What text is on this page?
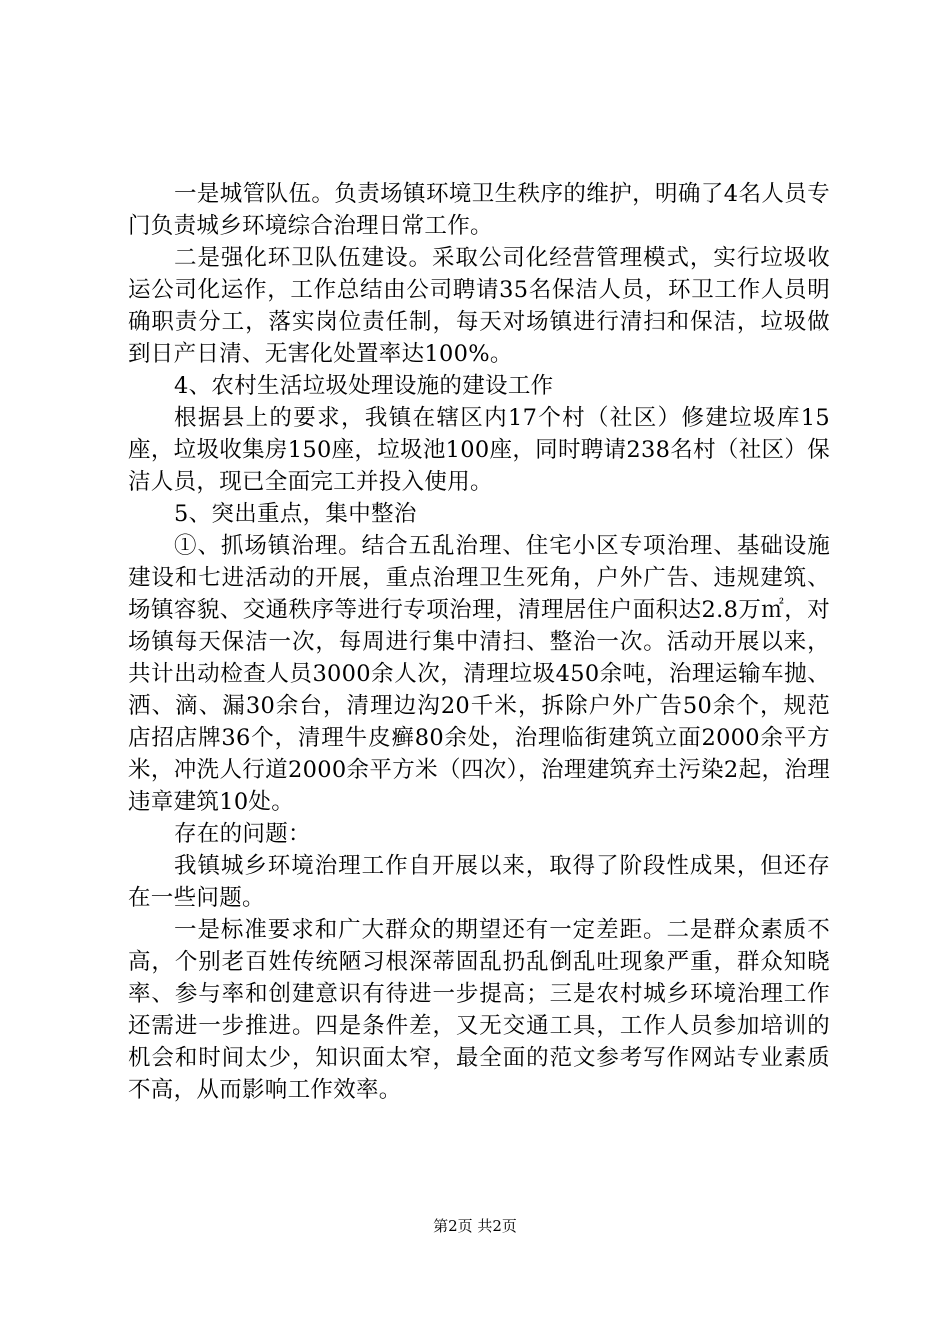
一是城管队伍。负责场镇环境卫生秩序的维护，明确了4名人员专门负责城乡环境综合治理日常工作。

二是强化环卫队伍建设。采取公司化经营管理模式，实行垃圾收运公司化运作，工作总结由公司聘请35名保洁人员，环卫工作人员明确职责分工，落实岗位责任制，每天对场镇进行清扫和保洁，垃圾做到日产日清、无害化处置率达100%。

4、农村生活垃圾处理设施的建设工作

根据县上的要求，我镇在辖区内17个村（社区）修建垃圾库15座，垃圾收集房150座，垃圾池100座，同时聘请238名村（社区）保洁人员，现已全面完工并投入使用。

5、突出重点，集中整治

①、抓场镇治理。结合五乱治理、住宅小区专项治理、基础设施建设和七进活动的开展，重点治理卫生死角，户外广告、违规建筑、场镇容貌、交通秩序等进行专项治理，清理居住户面积达2.8万㎡，对场镇每天保洁一次，每周进行集中清扫、整治一次。活动开展以来，共计出动检查人员3000余人次，清理垃圾450余吨，治理运输车抛、洒、滴、漏30余台，清理边沟20千米，拆除户外广告50余个，规范店招店牌36个，清理牛皮癣80余处，治理临街建筑立面2000余平方米，冲洗人行道2000余平方米（四次），治理建筑弃土污染2起，治理违章建筑10处。

存在的问题：

我镇城乡环境治理工作自开展以来，取得了阶段性成果，但还存在一些问题。

一是标准要求和广大群众的期望还有一定差距。二是群众素质不高，个别老百姓传统陋习根深蒂固乱扔乱倒乱吐现象严重，群众知晓率、参与率和创建意识有待进一步提高；三是农村城乡环境治理工作还需进一步推进。四是条件差，又无交通工具，工作人员参加培训的机会和时间太少，知识面太窄，最全面的范文参考写作网站专业素质不高，从而影响工作效率。

第2页 共2页
